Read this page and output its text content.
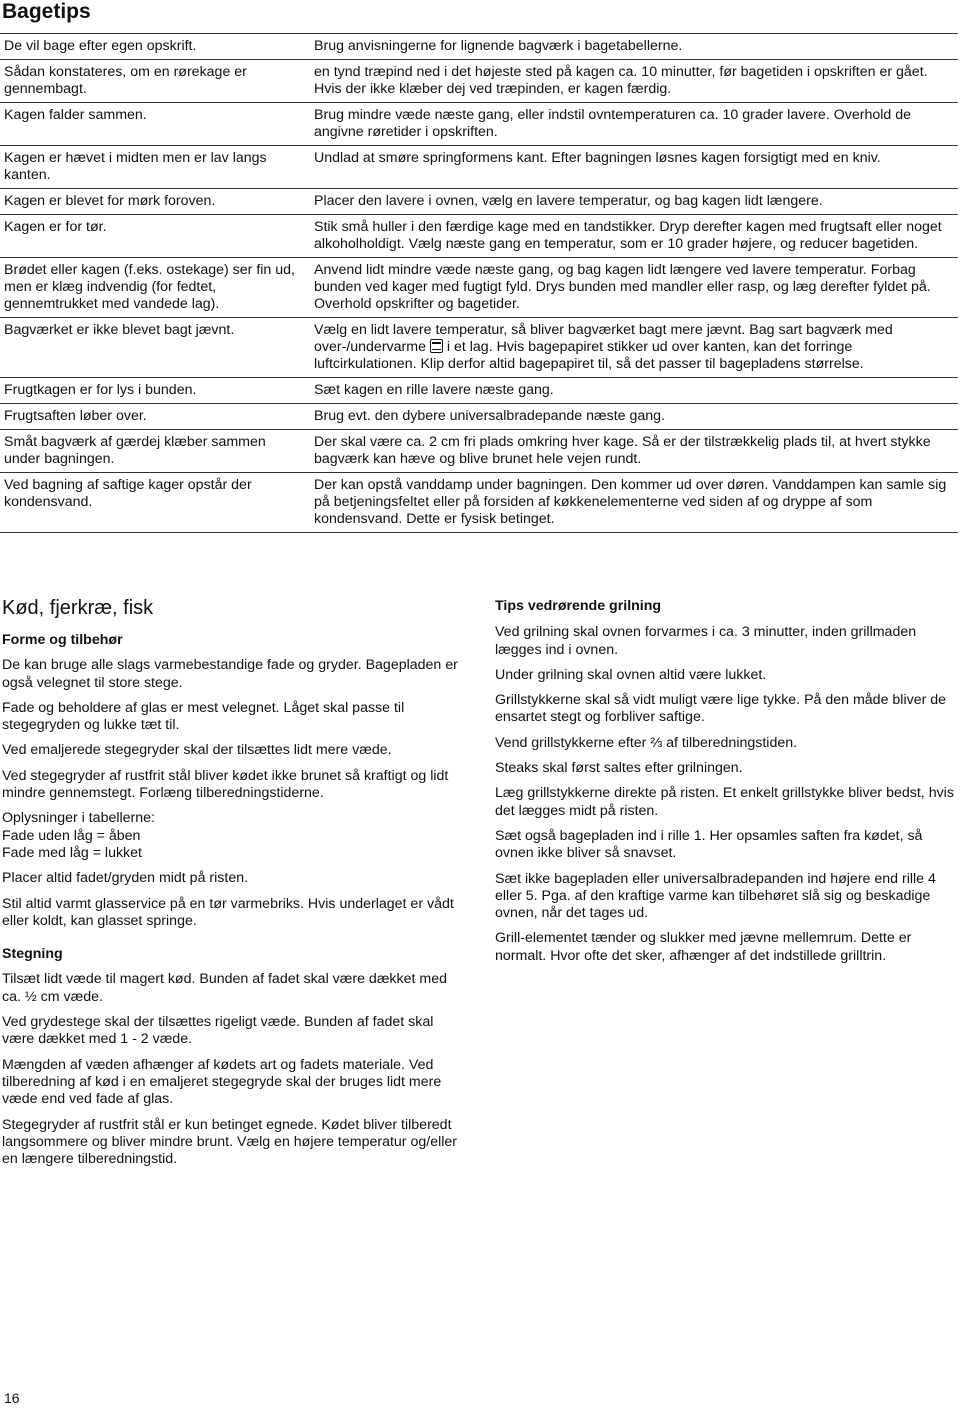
Bagetips
De vil bage efter egen opskrift.	Brug anvisningerne for lignende bagværk i bagetabellerne.
Sådan konstateres, om en rørekage er gennembagt.	en tynd træpind ned i det højeste sted på kagen ca. 10 minutter, før bagetiden i opskriften er gået. Hvis der ikke klæber dej ved træpinden, er kagen færdig.
Kagen falder sammen.	Brug mindre væde næste gang, eller indstil ovntemperaturen ca. 10 grader lavere. Overhold de angivne røretider i opskriften.
Kagen er hævet i midten men er lav langs kanten.	Undlad at smøre springformens kant. Efter bagningen løsnes kagen forsigtigt med en kniv.
Kagen er blevet for mørk foroven.	Placer den lavere i ovnen, vælg en lavere temperatur, og bag kagen lidt længere.
Kagen er for tør.	Stik små huller i den færdige kage med en tandstikker. Dryp derefter kagen med frugtsaft eller noget alkoholholdigt. Vælg næste gang en temperatur, som er 10 grader højere, og reducer bagetiden.
Brødet eller kagen (f.eks. ostekage) ser fin ud, men er klæg indvendig (for fedtet, gennemtrukket med vandede lag).	Anvend lidt mindre væde næste gang, og bag kagen lidt længere ved lavere temperatur. Forbag bunden ved kager med fugtigt fyld. Drys bunden med mandler eller rasp, og læg derefter fyldet på. Overhold opskrifter og bagetider.
Bagværket er ikke blevet bagt jævnt.	Vælg en lidt lavere temperatur, så bliver bagværket bagt mere jævnt. Bag sart bagværk med over-/undervarme i et lag. Hvis bagepapiret stikker ud over kanten, kan det forringe luftcirkulationen. Klip derfor altid bagepapiret til, så det passer til bagepladens størrelse.
Frugtkagen er for lys i bunden.	Sæt kagen en rille lavere næste gang.
Frugtsaften løber over.	Brug evt. den dybere universalbradepande næste gang.
Småt bagværk af gærdej klæber sammen under bagningen.	Der skal være ca. 2 cm fri plads omkring hver kage. Så er der tilstrækkelig plads til, at hvert stykke bagværk kan hæve og blive brunet hele vejen rundt.
Ved bagning af saftige kager opstår der kondensvand.	Der kan opstå vanddamp under bagningen. Den kommer ud over døren. Vanddampen kan samle sig på betjeningsfeltet eller på forsiden af køkkenelementerne ved siden af og dryppe af som kondensvand. Dette er fysisk betinget.
Kød, fjerkræ, fisk

Forme og tilbehør

De kan bruge alle slags varmebestandige fade og gryder. Bagepladen er også velegnet til store stege.

Fade og beholdere af glas er mest velegnet. Låget skal passe til stegegryden og lukke tæt til.

Ved emaljerede stegegryder skal der tilsættes lidt mere væde.

Ved stegegryder af rustfrit stål bliver kødet ikke brunet så kraftigt og lidt mindre gennemstegt. Forlæng tilberedningstiderne.

Oplysninger i tabellerne:
Fade uden låg = åben
Fade med låg = lukket

Placer altid fadet/gryden midt på risten.

Stil altid varmt glasservice på en tør varmebriks. Hvis underlaget er vådt eller koldt, kan glasset springe.

Stegning

Tilsæt lidt væde til magert kød. Bunden af fadet skal være dækket med ca. ½ cm væde.

Ved grydestege skal der tilsættes rigeligt væde. Bunden af fadet skal være dækket med 1 - 2 væde.

Mængden af væden afhænger af kødets art og fadets materiale. Ved tilberedning af kød i en emaljeret stegegryde skal der bruges lidt mere væde end ved fade af glas.

Stegegryder af rustfrit stål er kun betinget egnede. Kødet bliver tilberedt langsommere og bliver mindre brunt. Vælg en højere temperatur og/eller en længere tilberedningstid.

Tips vedrørende grilning

Ved grilning skal ovnen forvarmes i ca. 3 minutter, inden grillmaden lægges ind i ovnen.

Under grilning skal ovnen altid være lukket.

Grillstykkerne skal så vidt muligt være lige tykke. På den måde bliver de ensartet stegt og forbliver saftige.

Vend grillstykkerne efter ⅔ af tilberedningstiden.

Steaks skal først saltes efter grilningen.

Læg grillstykkerne direkte på risten. Et enkelt grillstykke bliver bedst, hvis det lægges midt på risten.

Sæt også bagepladen ind i rille 1. Her opsamles saften fra kødet, så ovnen ikke bliver så snavset.

Sæt ikke bagepladen eller universalbradepanden ind højere end rille 4 eller 5. Pga. af den kraftige varme kan tilbehøret slå sig og beskadige ovnen, når det tages ud.

Grill-elementet tænder og slukker med jævne mellemrum. Dette er normalt. Hvor ofte det sker, afhænger af det indstillede grilltrin.

16
